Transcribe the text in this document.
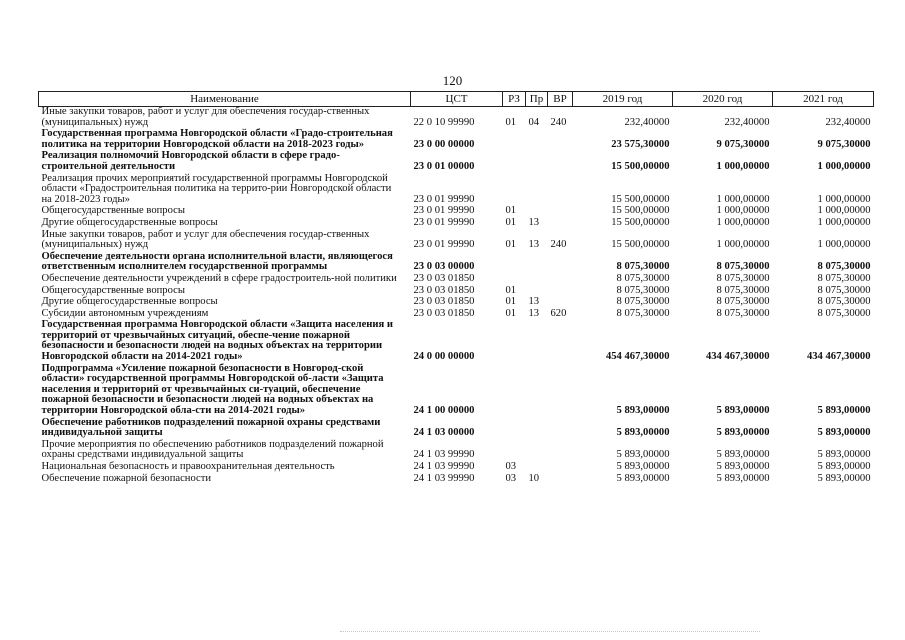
120
Наименование	ЦСТ	РЗ	Пр	ВР	2019 год	2020 год	2021 год
Иные закупки товаров, работ и услуг для обеспечения государ-ственных (муниципальных) нужд	22 0 10 99990	01	04	240	232,40000	232,40000	232,40000
Государственная программа Новгородской области «Градо-строительная политика на территории Новгородской области на 2018-2023 годы»	23 0 00 00000				23 575,30000	9 075,30000	9 075,30000
Реализация полномочий Новгородской области в сфере градо-строительной деятельности	23 0 01 00000				15 500,00000	1 000,00000	1 000,00000
Реализация прочих мероприятий государственной программы Новгородской области «Градостроительная политика на террито-рии Новгородской области на 2018-2023 годы»	23 0 01 99990				15 500,00000	1 000,00000	1 000,00000
Общегосударственные вопросы	23 0 01 99990	01			15 500,00000	1 000,00000	1 000,00000
Другие общегосударственные вопросы	23 0 01 99990	01	13		15 500,00000	1 000,00000	1 000,00000
Иные закупки товаров, работ и услуг для обеспечения государ-ственных (муниципальных) нужд	23 0 01 99990	01	13	240	15 500,00000	1 000,00000	1 000,00000
Обеспечение деятельности органа исполнительной власти, являющегося ответственным исполнителем государственной программы	23 0 03 00000				8 075,30000	8 075,30000	8 075,30000
Обеспечение деятельности учреждений в сфере градостроитель-ной политики	23 0 03 01850				8 075,30000	8 075,30000	8 075,30000
Общегосударственные вопросы	23 0 03 01850	01			8 075,30000	8 075,30000	8 075,30000
Другие общегосударственные вопросы	23 0 03 01850	01	13		8 075,30000	8 075,30000	8 075,30000
Субсидии автономным учреждениям	23 0 03 01850	01	13	620	8 075,30000	8 075,30000	8 075,30000
Государственная программа Новгородской области «Защита населения и территорий от чрезвычайных ситуаций, обеспе-чение пожарной безопасности и безопасности людей на водных объектах на территории Новгородской области на 2014-2021 годы»	24 0 00 00000				454 467,30000	434 467,30000	434 467,30000
Подпрограмма «Усиление пожарной безопасности в Новгород-ской области» государственной программы Новгородской об-ласти «Защита населения и территорий от чрезвычайных си-туаций, обеспечение пожарной безопасности и безопасности людей на водных объектах на территории Новгородской обла-сти на 2014-2021 годы»	24 1 00 00000				5 893,00000	5 893,00000	5 893,00000
Обеспечение работников подразделений пожарной охраны средствами индивидуальной защиты	24 1 03 00000				5 893,00000	5 893,00000	5 893,00000
Прочие мероприятия по обеспечению работников подразделений пожарной охраны средствами индивидуальной защиты	24 1 03 99990				5 893,00000	5 893,00000	5 893,00000
Национальная безопасность и правоохранительная деятельность	24 1 03 99990	03			5 893,00000	5 893,00000	5 893,00000
Обеспечение пожарной безопасности	24 1 03 99990	03	10		5 893,00000	5 893,00000	5 893,00000
